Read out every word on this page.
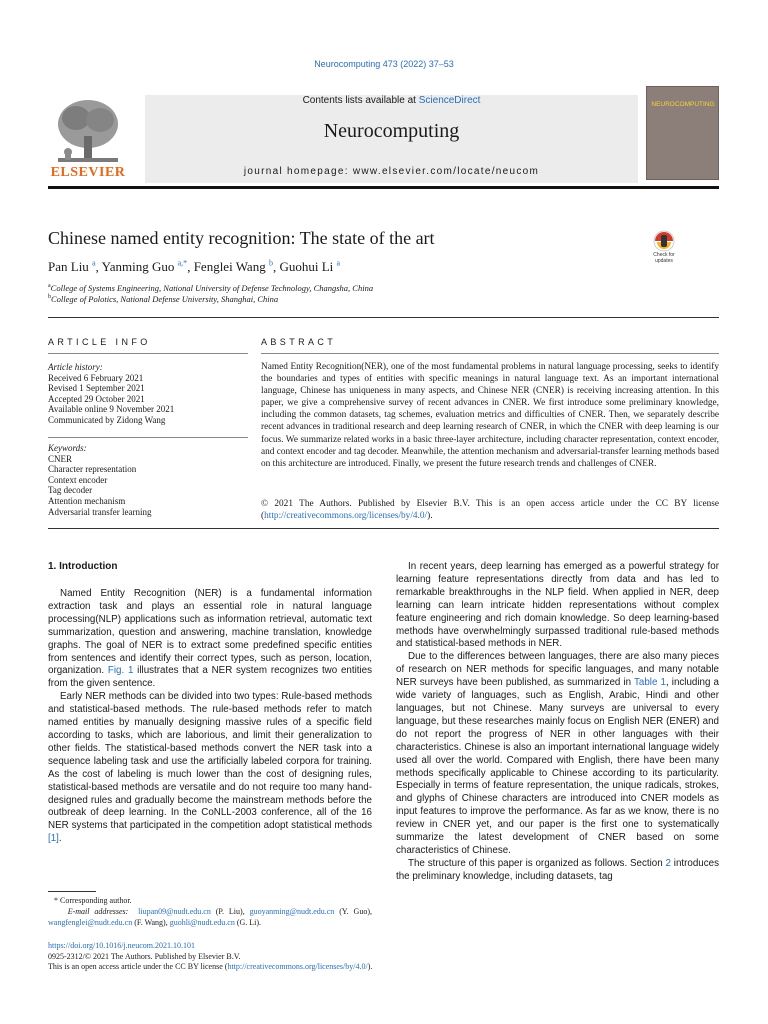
Neurocomputing 473 (2022) 37–53
Contents lists available at ScienceDirect
Neurocomputing
journal homepage: www.elsevier.com/locate/neucom
ELSEVIER
NEUROCOMPUTING
Chinese named entity recognition: The state of the art
Check for updates
Pan Liu $^a$, Yanming Guo $^{a,*}$, Fenglei Wang $^b$, Guohui Li $^a$
$^a$College of Systems Engineering, National University of Defense Technology, Changsha, China
$^b$College of Polotics, National Defense University, Shanghai, China
ARTICLE INFO
Article history:
Received 6 February 2021
Revised 1 September 2021
Accepted 29 October 2021
Available online 9 November 2021
Communicated by Zidong Wang
Keywords:
CNER
Character representation
Context encoder
Tag decoder
Attention mechanism
Adversarial transfer learning
ABSTRACT
Named Entity Recognition(NER), one of the most fundamental problems in natural language processing, seeks to identify the boundaries and types of entities with specific meanings in natural language text. As an important international language, Chinese has uniqueness in many aspects, and Chinese NER (CNER) is receiving increasing attention. In this paper, we give a comprehensive survey of recent advances in CNER. We first introduce some preliminary knowledge, including the common datasets, tag schemes, evaluation metrics and difficulties of CNER. Then, we separately describe recent advances in traditional research and deep learning research of CNER, in which the CNER with deep learning is our focus. We summarize related works in a basic three-layer architecture, including character representation, context encoder, and context encoder and tag decoder. Meanwhile, the attention mechanism and adversarial-transfer learning methods based on this architecture are introduced. Finally, we present the future research trends and challenges of CNER.
© 2021 The Authors. Published by Elsevier B.V. This is an open access article under the CC BY license (http://creativecommons.org/licenses/by/4.0/).
1. Introduction

Named Entity Recognition (NER) is a fundamental information extraction task and plays an essential role in natural language processing(NLP) applications such as information retrieval, automatic text summarization, question and answering, machine translation, knowledge graphs. The goal of NER is to extract some predefined specific entities from sentences and identify their correct types, such as person, location, organization. Fig. 1 illustrates that a NER system recognizes two entities from the given sentence.

Early NER methods can be divided into two types: Rule-based methods and statistical-based methods. The rule-based methods refer to match named entities by manually designing massive rules of a specific field according to tasks, which are laborious, and limit their generalization to other fields. The statistical-based methods convert the NER task into a sequence labeling task and use the artificially labeled corpora for training. As the cost of labeling is much lower than the cost of designing rules, statistical-based methods are versatile and do not require too many hand-designed rules and gradually become the mainstream methods before the outbreak of deep learning. In the CoNLL-2003 conference, all of the 16 NER systems that participated in the competition adopt statistical methods [1].

In recent years, deep learning has emerged as a powerful strategy for learning feature representations directly from data and has led to remarkable breakthroughs in the NLP field. When applied in NER, deep learning can learn intricate hidden representations without complex feature engineering and rich domain knowledge. So deep learning-based methods have overwhelmingly surpassed traditional rule-based methods and statistical-based methods in NER.

Due to the differences between languages, there are also many pieces of research on NER methods for specific languages, and many notable NER surveys have been published, as summarized in Table 1, including a wide variety of languages, such as English, Arabic, Hindi and other languages, but not Chinese. Many surveys are universal to every language, but these researches mainly focus on English NER (ENER) and do not report the progress of NER in other languages with their characteristics. Chinese is also an important international language widely used all over the world. Compared with English, there have been many methods specifically applicable to Chinese according to its particularity. Especially in terms of feature representation, the unique radicals, strokes, and glyphs of Chinese characters are introduced into CNER models as input features to improve the performance. As far as we know, there is no review in CNER yet, and our paper is the first one to systematically summarize the latest development of CNER based on some characteristics of Chinese.

The structure of this paper is organized as follows. Section 2 introduces the preliminary knowledge, including datasets, tag

* Corresponding author.
E-mail addresses: liupan09@nudt.edu.cn (P. Liu), guoyanming@nudt.edu.cn (Y. Guo), wangfenglei@nudt.edu.cn (F. Wang), guohli@nudt.edu.cn (G. Li).
https://doi.org/10.1016/j.neucom.2021.10.101
0925-2312/© 2021 The Authors. Published by Elsevier B.V.
This is an open access article under the CC BY license (http://creativecommons.org/licenses/by/4.0/).
